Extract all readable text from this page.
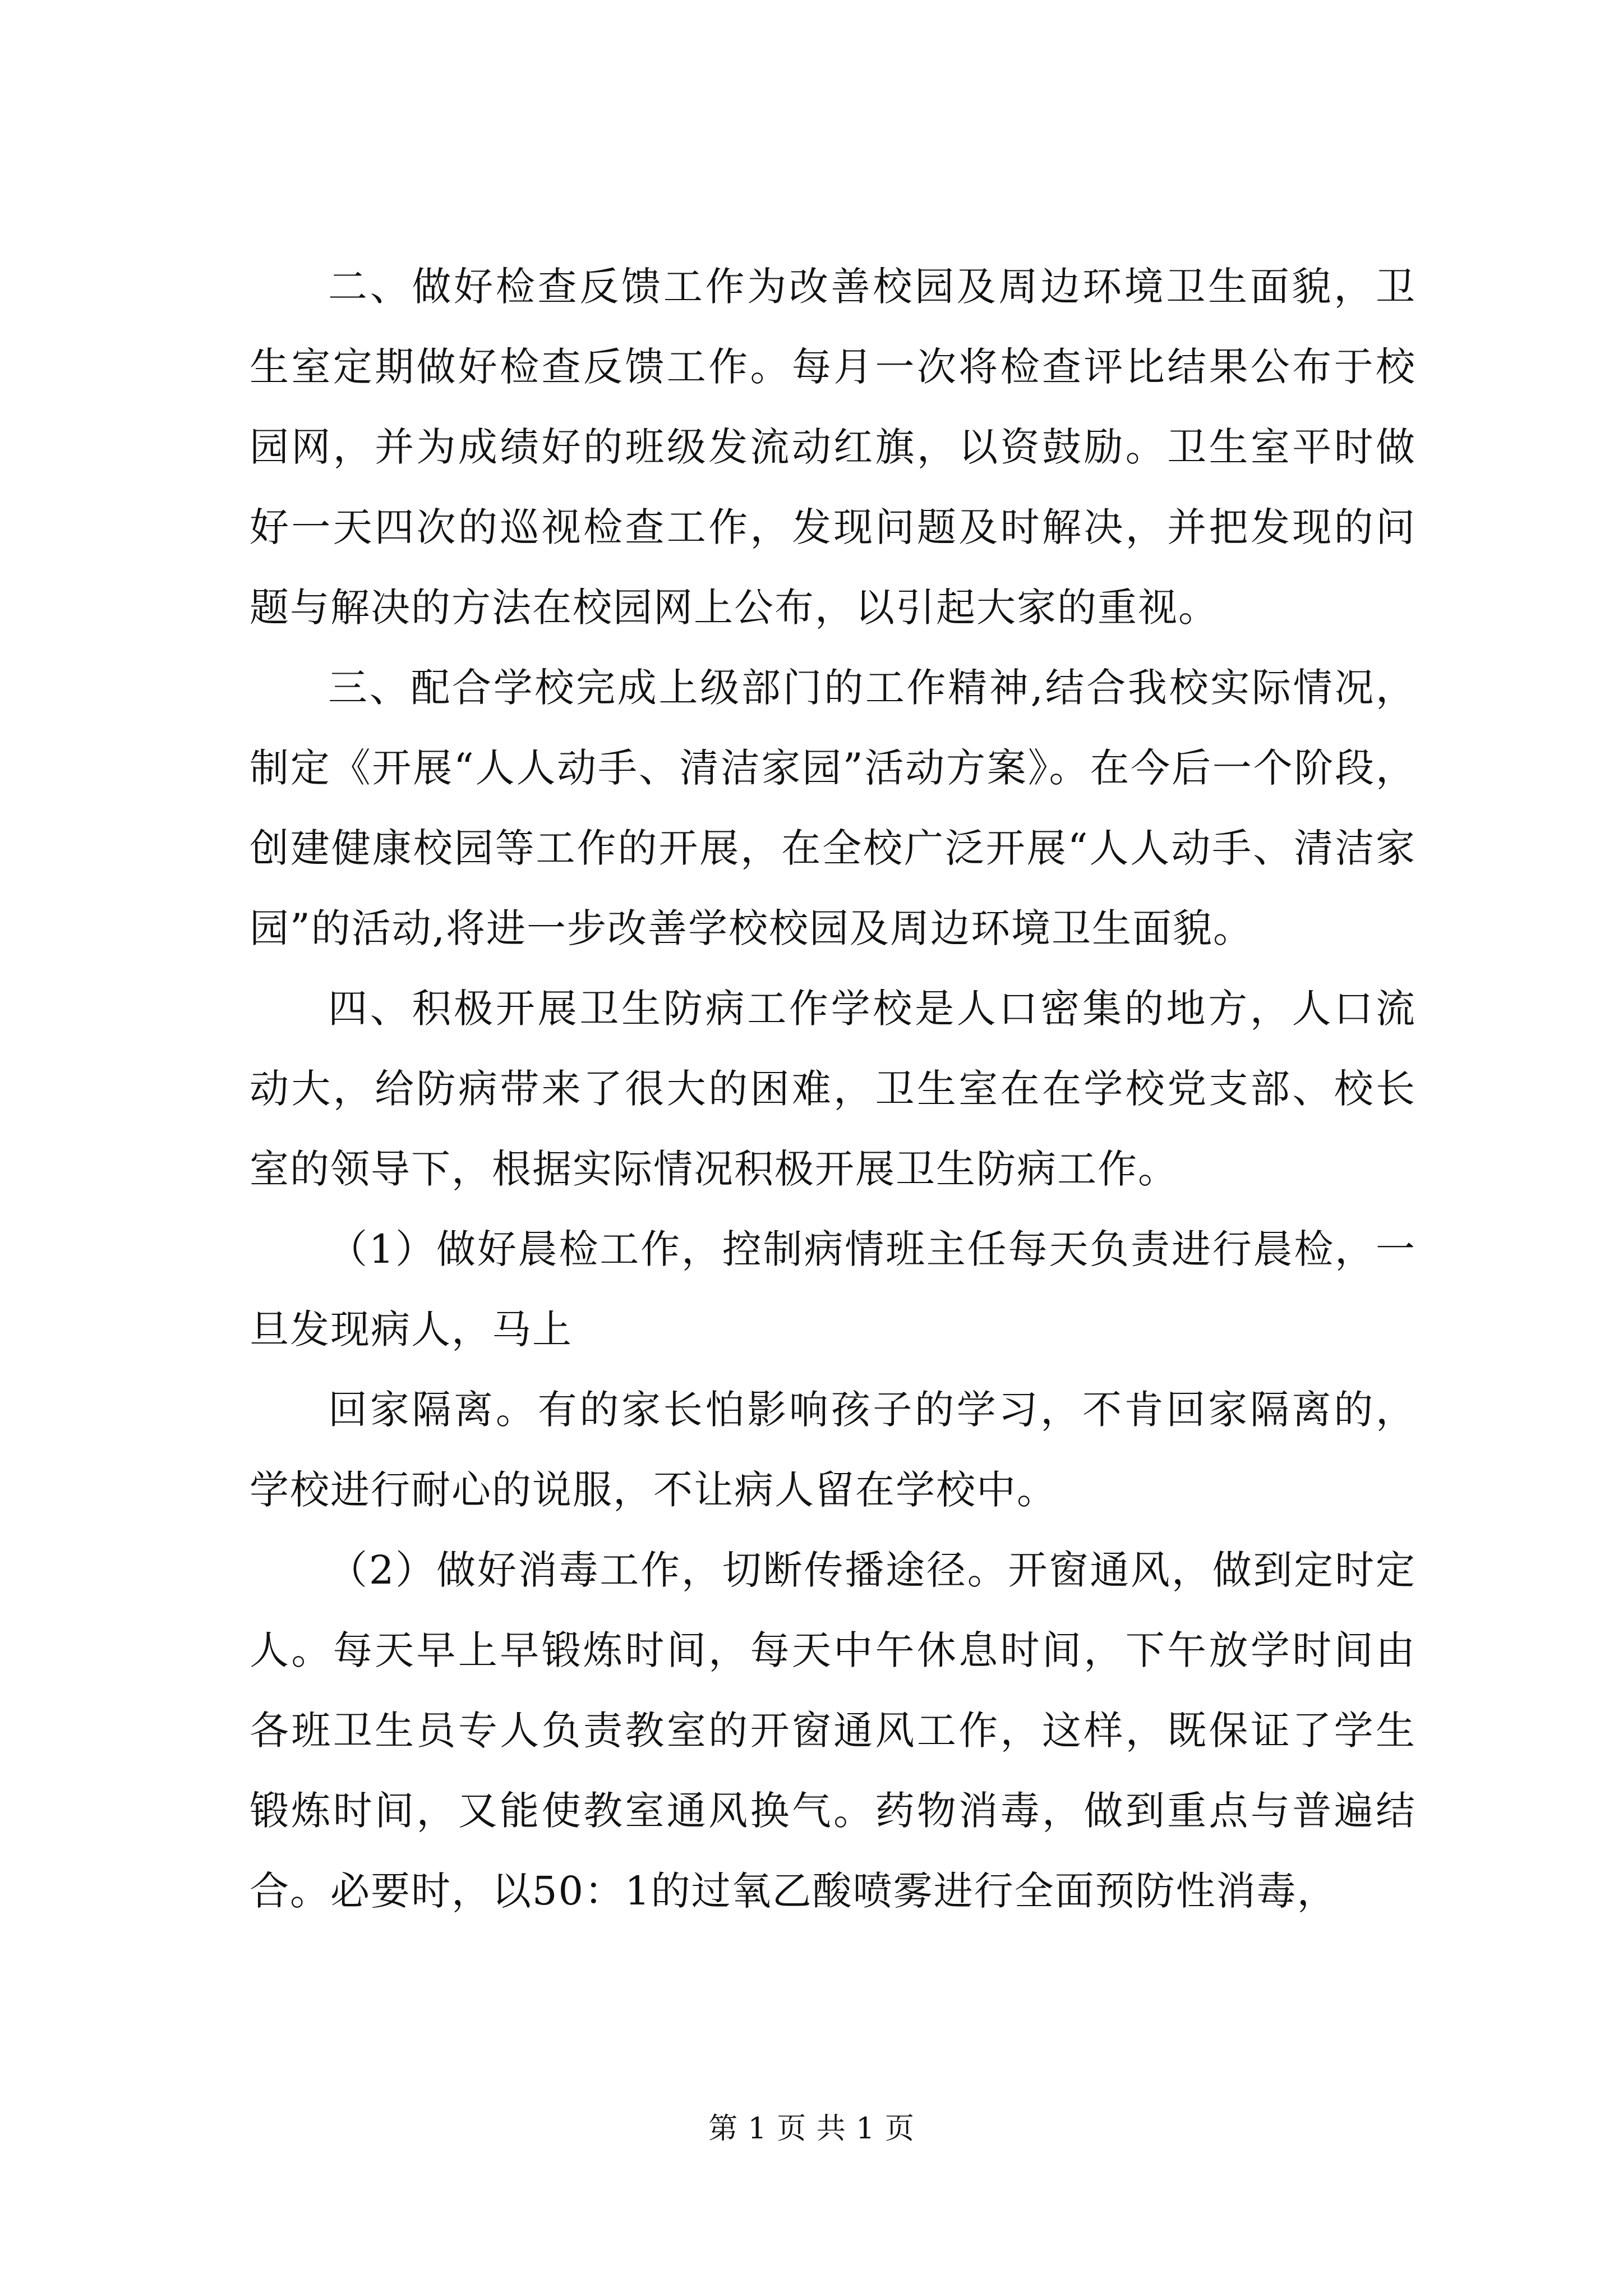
二、做好检查反馈工作为改善校园及周边环境卫生面貌，卫生室定期做好检查反馈工作。每月一次将检查评比结果公布于校园网，并为成绩好的班级发流动红旗，以资鼓励。卫生室平时做好一天四次的巡视检查工作，发现问题及时解决，并把发现的问题与解决的方法在校园网上公布，以引起大家的重视。

三、配合学校完成上级部门的工作精神,结合我校实际情况，制定《开展“人人动手、清洁家园”活动方案》。在今后一个阶段，创建健康校园等工作的开展，在全校广泛开展“人人动手、清洁家园”的活动,将进一步改善学校校园及周边环境卫生面貌。

四、积极开展卫生防病工作学校是人口密集的地方，人口流动大，给防病带来了很大的困难，卫生室在在学校党支部、校长室的领导下，根据实际情况积极开展卫生防病工作。

（1）做好晨检工作，控制病情班主任每天负责进行晨检，一旦发现病人，马上

回家隔离。有的家长怕影响孩子的学习，不肯回家隔离的，学校进行耐心的说服，不让病人留在学校中。

（2）做好消毒工作，切断传播途径。开窗通风，做到定时定人。每天早上早锻炼时间，每天中午休息时间，下午放学时间由各班卫生员专人负责教室的开窗通风工作，这样，既保证了学生锻炼时间，又能使教室通风换气。药物消毒，做到重点与普遍结合。必要时，以50：1的过氧乙酸喷雾进行全面预防性消毒，

第 1 页 共 1 页
